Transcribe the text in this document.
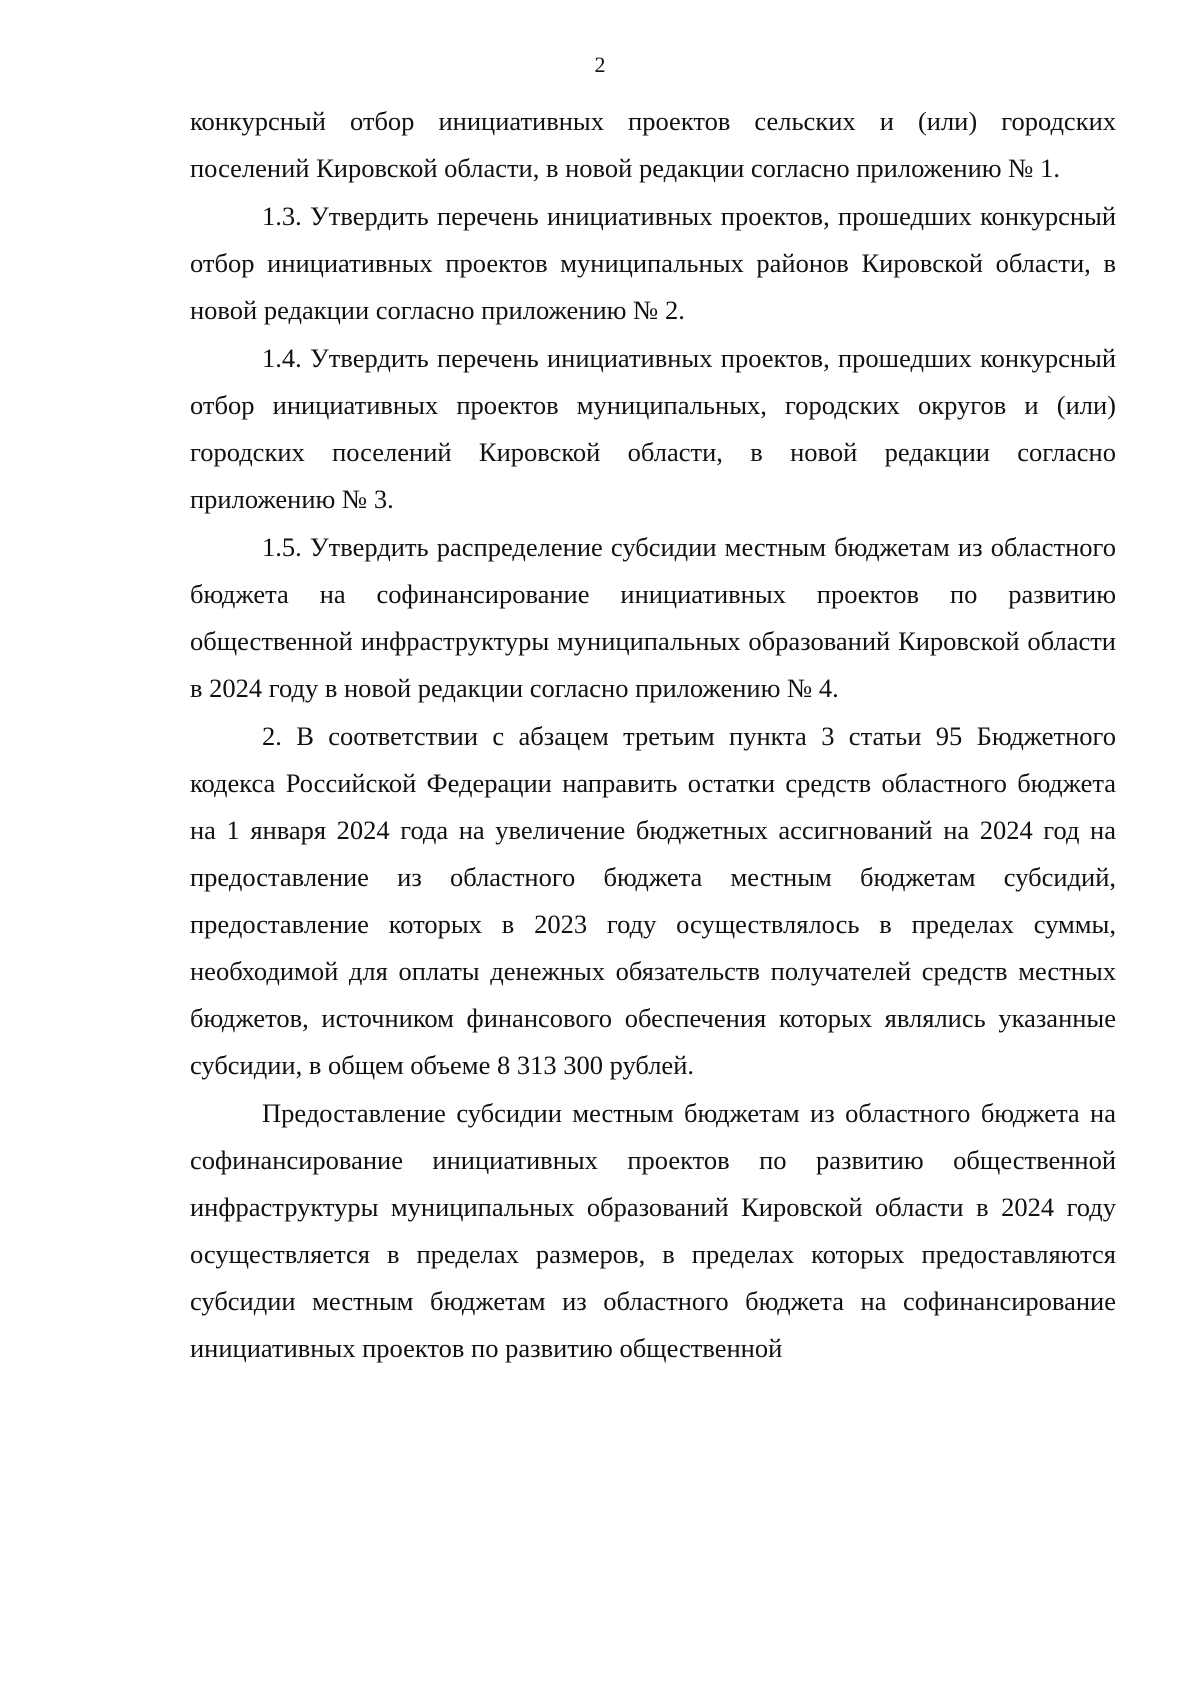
2

конкурсный отбор инициативных проектов сельских и (или) городских поселений Кировской области, в новой редакции согласно приложению № 1.

1.3. Утвердить перечень инициативных проектов, прошедших конкурсный отбор инициативных проектов муниципальных районов Кировской области, в новой редакции согласно приложению № 2.

1.4. Утвердить перечень инициативных проектов, прошедших конкурсный отбор инициативных проектов муниципальных, городских округов и (или) городских поселений Кировской области, в новой редакции согласно приложению № 3.

1.5. Утвердить распределение субсидии местным бюджетам из областного бюджета на софинансирование инициативных проектов по развитию общественной инфраструктуры муниципальных образований Кировской области в 2024 году в новой редакции согласно приложению № 4.

2. В соответствии с абзацем третьим пункта 3 статьи 95 Бюджетного кодекса Российской Федерации направить остатки средств областного бюджета на 1 января 2024 года на увеличение бюджетных ассигнований на 2024 год на предоставление из областного бюджета местным бюджетам субсидий, предоставление которых в 2023 году осуществлялось в пределах суммы, необходимой для оплаты денежных обязательств получателей средств местных бюджетов, источником финансового обеспечения которых являлись указанные субсидии, в общем объеме 8 313 300 рублей.

Предоставление субсидии местным бюджетам из областного бюджета на софинансирование инициативных проектов по развитию общественной инфраструктуры муниципальных образований Кировской области в 2024 году осуществляется в пределах размеров, в пределах которых предоставляются субсидии местным бюджетам из областного бюджета на софинансирование инициативных проектов по развитию общественной
